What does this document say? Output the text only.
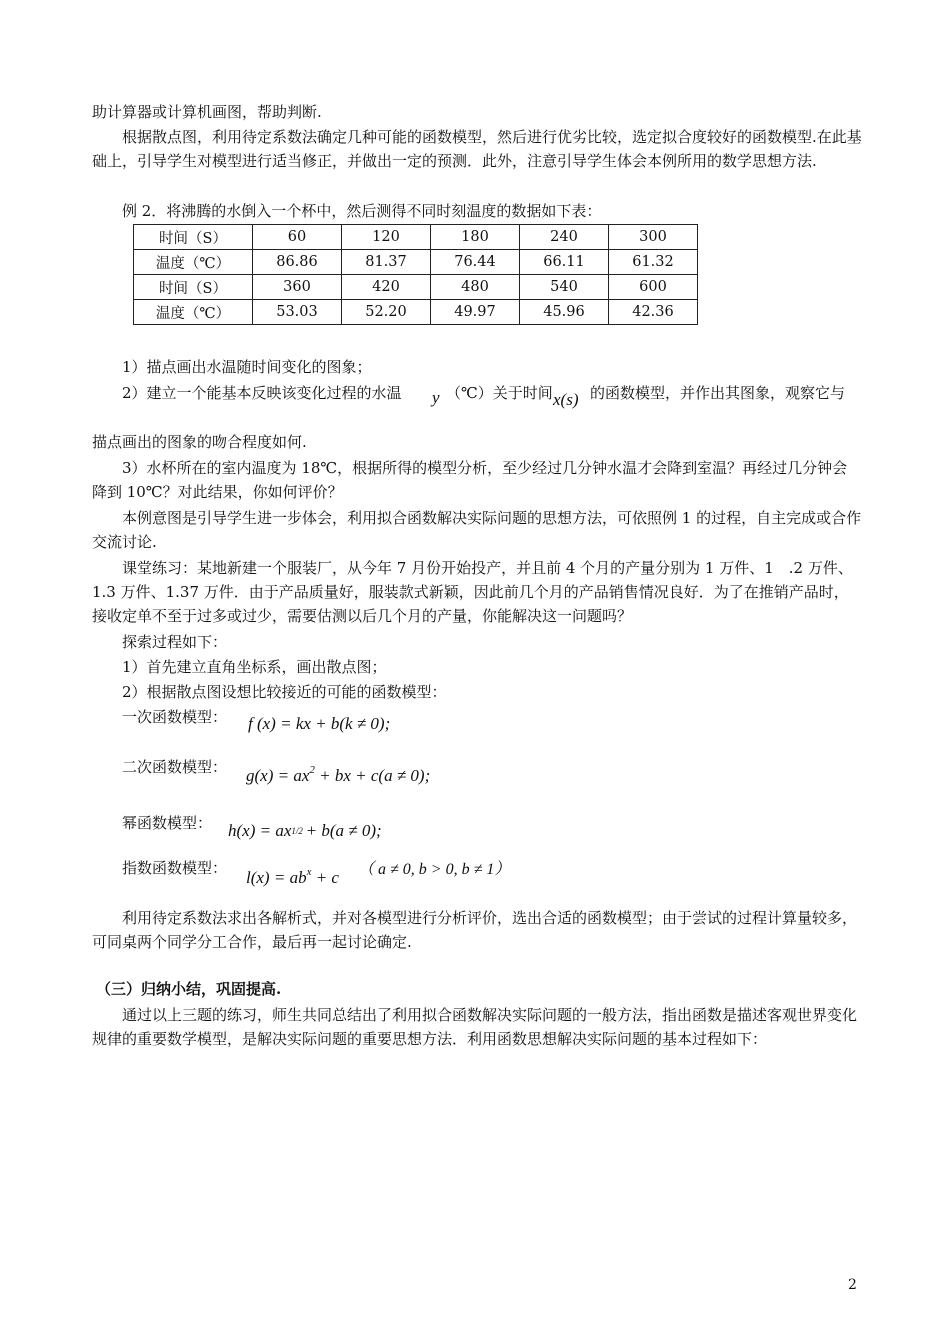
助计算器或计算机画图，帮助判断.

根据散点图，利用待定系数法确定几种可能的函数模型，然后进行优劣比较，选定拟合度较好的函数模型.在此基础上，引导学生对模型进行适当修正，并做出一定的预测．此外，注意引导学生体会本例所用的数学思想方法.

例 2．将沸腾的水倒入一个杯中，然后测得不同时刻温度的数据如下表：

时间（S）	60	120	180	240	300
温度（℃）	86.86	81.37	76.44	66.11	61.32
时间（S）	360	420	480	540	600
温度（℃）	53.03	52.20	49.97	45.96	42.36
1）描点画出水温随时间变化的图象；
2）建立一个能基本反映该变化过程的水温 y （℃）关于时间 x(s) 的函数模型，并作出其图象，观察它与
描点画出的图象的吻合程度如何.

3）水杯所在的室内温度为 18℃，根据所得的模型分析，至少经过几分钟水温才会降到室温？再经过几分钟会降到 10℃？对此结果，你如何评价？

本例意图是引导学生进一步体会，利用拟合函数解决实际问题的思想方法，可依照例 1 的过程，自主完成或合作交流讨论.

课堂练习：某地新建一个服装厂，从今年 7 月份开始投产，并且前 4 个月的产量分别为 1 万件、1　.2 万件、1.3 万件、1.37 万件．由于产品质量好，服装款式新颖，因此前几个月的产品销售情况良好．为了在推销产品时，接收定单不至于过多或过少，需要估测以后几个月的产量，你能解决这一问题吗？

探索过程如下：
1）首先建立直角坐标系，画出散点图；
2）根据散点图设想比较接近的可能的函数模型：
一次函数模型： f (x) = kx + b(k ≠ 0);
二次函数模型： $g(x) = ax^2$ + bx + c(a ≠ 0);
幂函数模型： h(x) = ax 1/2
+ b(a ≠ 0);
指数函数模型： $l(x) = ab^x + c$ （ a ≠ 0, b > 0, b ≠ 1）

利用待定系数法求出各解析式，并对各模型进行分析评价，选出合适的函数模型；由于尝试的过程计算量较多，可同桌两个同学分工合作，最后再一起讨论确定.

（三）归纳小结，巩固提高.

通过以上三题的练习，师生共同总结出了利用拟合函数解决实际问题的一般方法，指出函数是描述客观世界变化规律的重要数学模型，是解决实际问题的重要思想方法．利用函数思想解决实际问题的基本过程如下：

2
